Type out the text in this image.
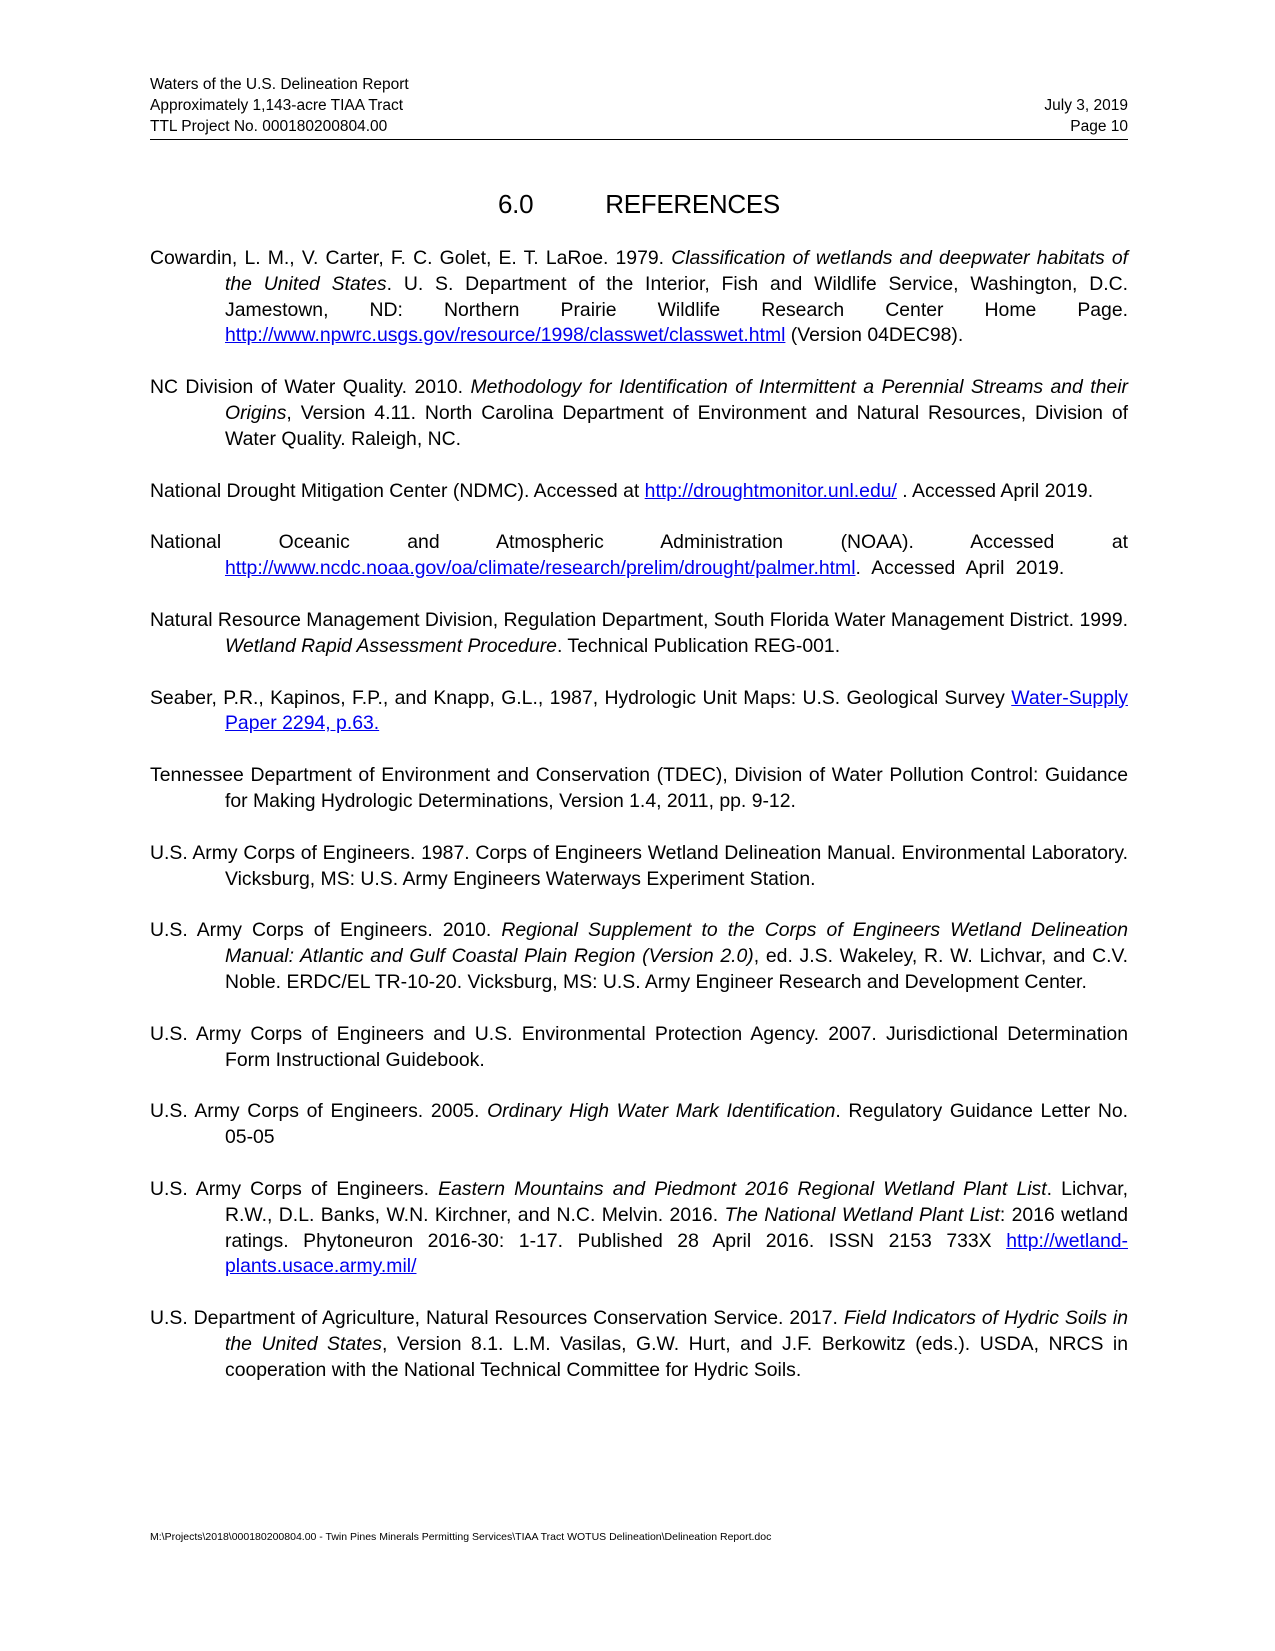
Waters of the U.S. Delineation Report
Approximately 1,143-acre TIAA Tract	July 3, 2019
TTL Project No. 000180200804.00	Page 10
6.0	REFERENCES

Cowardin, L. M., V. Carter, F. C. Golet, E. T. LaRoe. 1979. Classification of wetlands and deepwater habitats of the United States. U. S. Department of the Interior, Fish and Wildlife Service, Washington, D.C. Jamestown, ND: Northern Prairie Wildlife Research Center Home Page. http://www.npwrc.usgs.gov/resource/1998/classwet/classwet.html (Version 04DEC98).

NC Division of Water Quality. 2010. Methodology for Identification of Intermittent a Perennial Streams and their Origins, Version 4.11. North Carolina Department of Environment and Natural Resources, Division of Water Quality. Raleigh, NC.

National Drought Mitigation Center (NDMC). Accessed at http://droughtmonitor.unl.edu/ . Accessed April 2019.

National Oceanic and Atmospheric Administration (NOAA). Accessed at http://www.ncdc.noaa.gov/oa/climate/research/prelim/drought/palmer.html. Accessed April 2019.

Natural Resource Management Division, Regulation Department, South Florida Water Management District. 1999. Wetland Rapid Assessment Procedure. Technical Publication REG-001.

Seaber, P.R., Kapinos, F.P., and Knapp, G.L., 1987, Hydrologic Unit Maps: U.S. Geological Survey Water-Supply Paper 2294, p.63.

Tennessee Department of Environment and Conservation (TDEC), Division of Water Pollution Control: Guidance for Making Hydrologic Determinations, Version 1.4, 2011, pp. 9-12.

U.S. Army Corps of Engineers. 1987. Corps of Engineers Wetland Delineation Manual. Environmental Laboratory. Vicksburg, MS: U.S. Army Engineers Waterways Experiment Station.

U.S. Army Corps of Engineers. 2010. Regional Supplement to the Corps of Engineers Wetland Delineation Manual: Atlantic and Gulf Coastal Plain Region (Version 2.0), ed. J.S. Wakeley, R. W. Lichvar, and C.V. Noble. ERDC/EL TR-10-20. Vicksburg, MS: U.S. Army Engineer Research and Development Center.

U.S. Army Corps of Engineers and U.S. Environmental Protection Agency. 2007. Jurisdictional Determination Form Instructional Guidebook.

U.S. Army Corps of Engineers. 2005. Ordinary High Water Mark Identification. Regulatory Guidance Letter No. 05-05

U.S. Army Corps of Engineers. Eastern Mountains and Piedmont 2016 Regional Wetland Plant List. Lichvar, R.W., D.L. Banks, W.N. Kirchner, and N.C. Melvin. 2016. The National Wetland Plant List: 2016 wetland ratings. Phytoneuron 2016-30: 1-17. Published 28 April 2016. ISSN 2153 733X http://wetland-plants.usace.army.mil/

U.S. Department of Agriculture, Natural Resources Conservation Service. 2017. Field Indicators of Hydric Soils in the United States, Version 8.1. L.M. Vasilas, G.W. Hurt, and J.F. Berkowitz (eds.). USDA, NRCS in cooperation with the National Technical Committee for Hydric Soils.

M:\Projects\2018\000180200804.00 - Twin Pines Minerals Permitting Services\TIAA Tract WOTUS Delineation\Delineation Report.doc
